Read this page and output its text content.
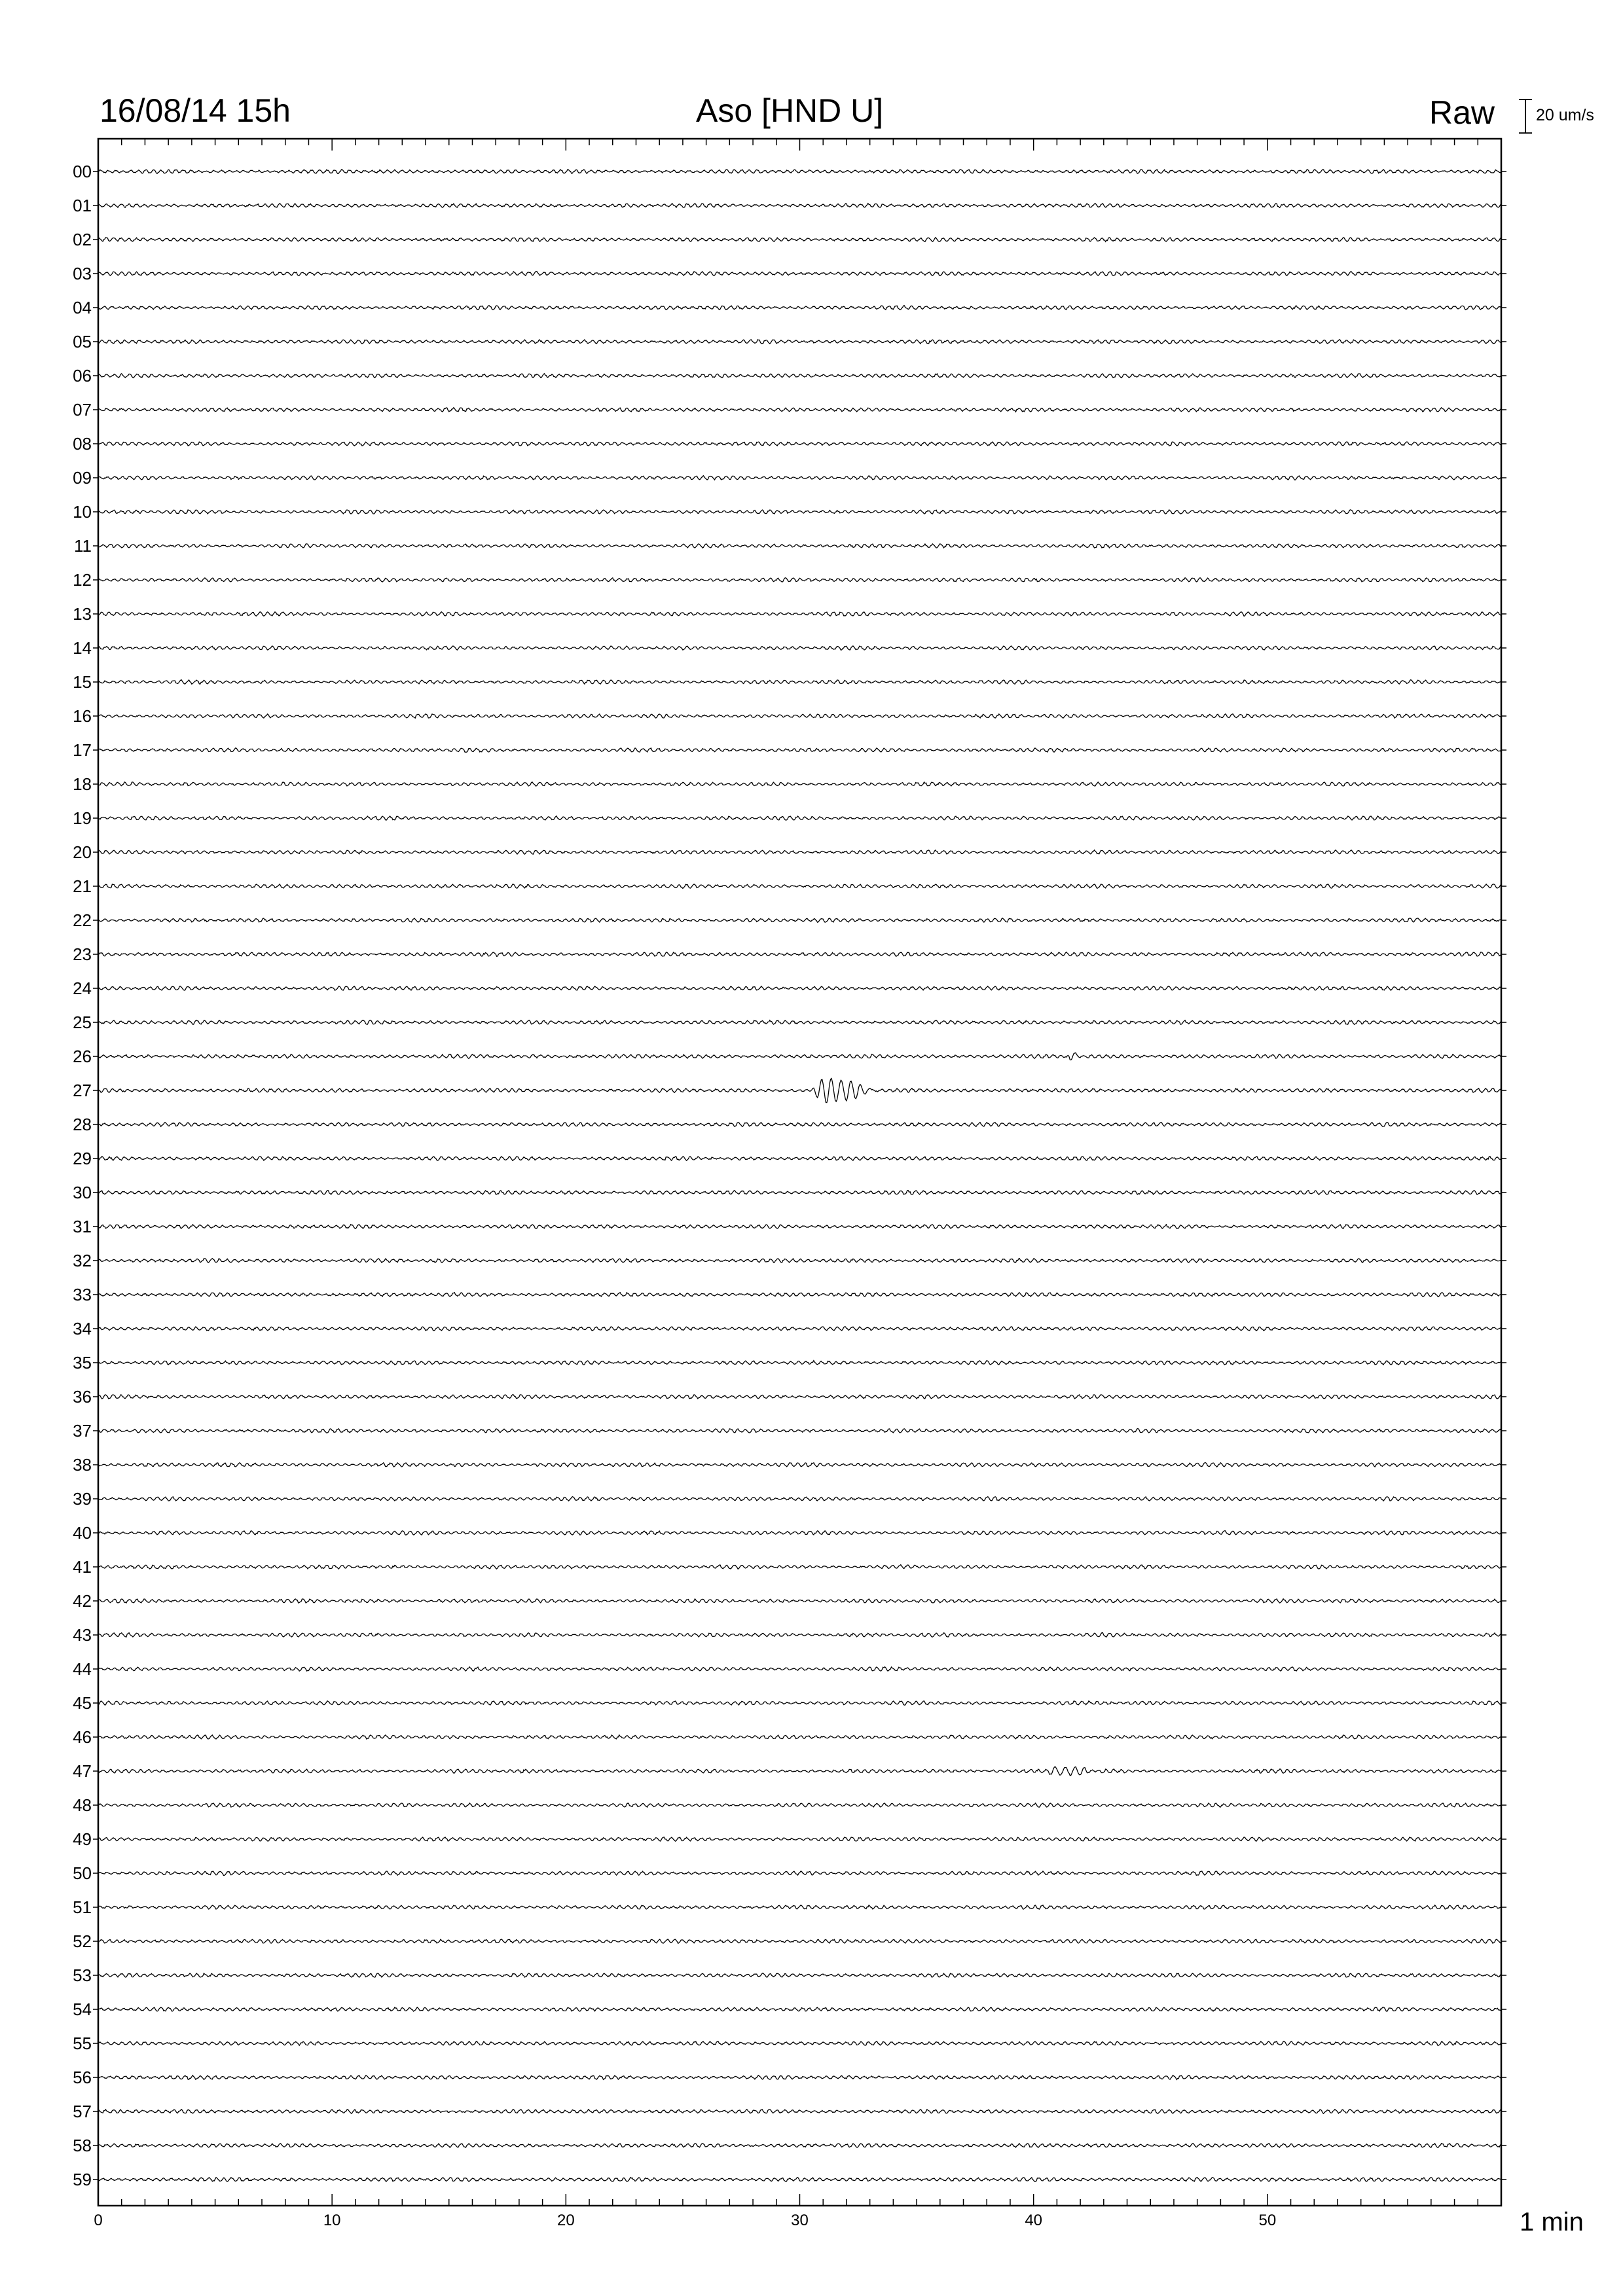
16/08/14 15h	Aso [HND U]	Raw	20 um/s
1 min
00
01
02
03
04
05
06
07
08
09
10
11
12
13
14
15
16
17
18
19
20
21
22
23
24
25
26
27
28
29
30
31
32
33
34
35
36
37
38
39
40
41
42
43
44
45
46
47
48
49
50
51
52
53
54
55
56
57
58
59
0	10	20	30	40	50
